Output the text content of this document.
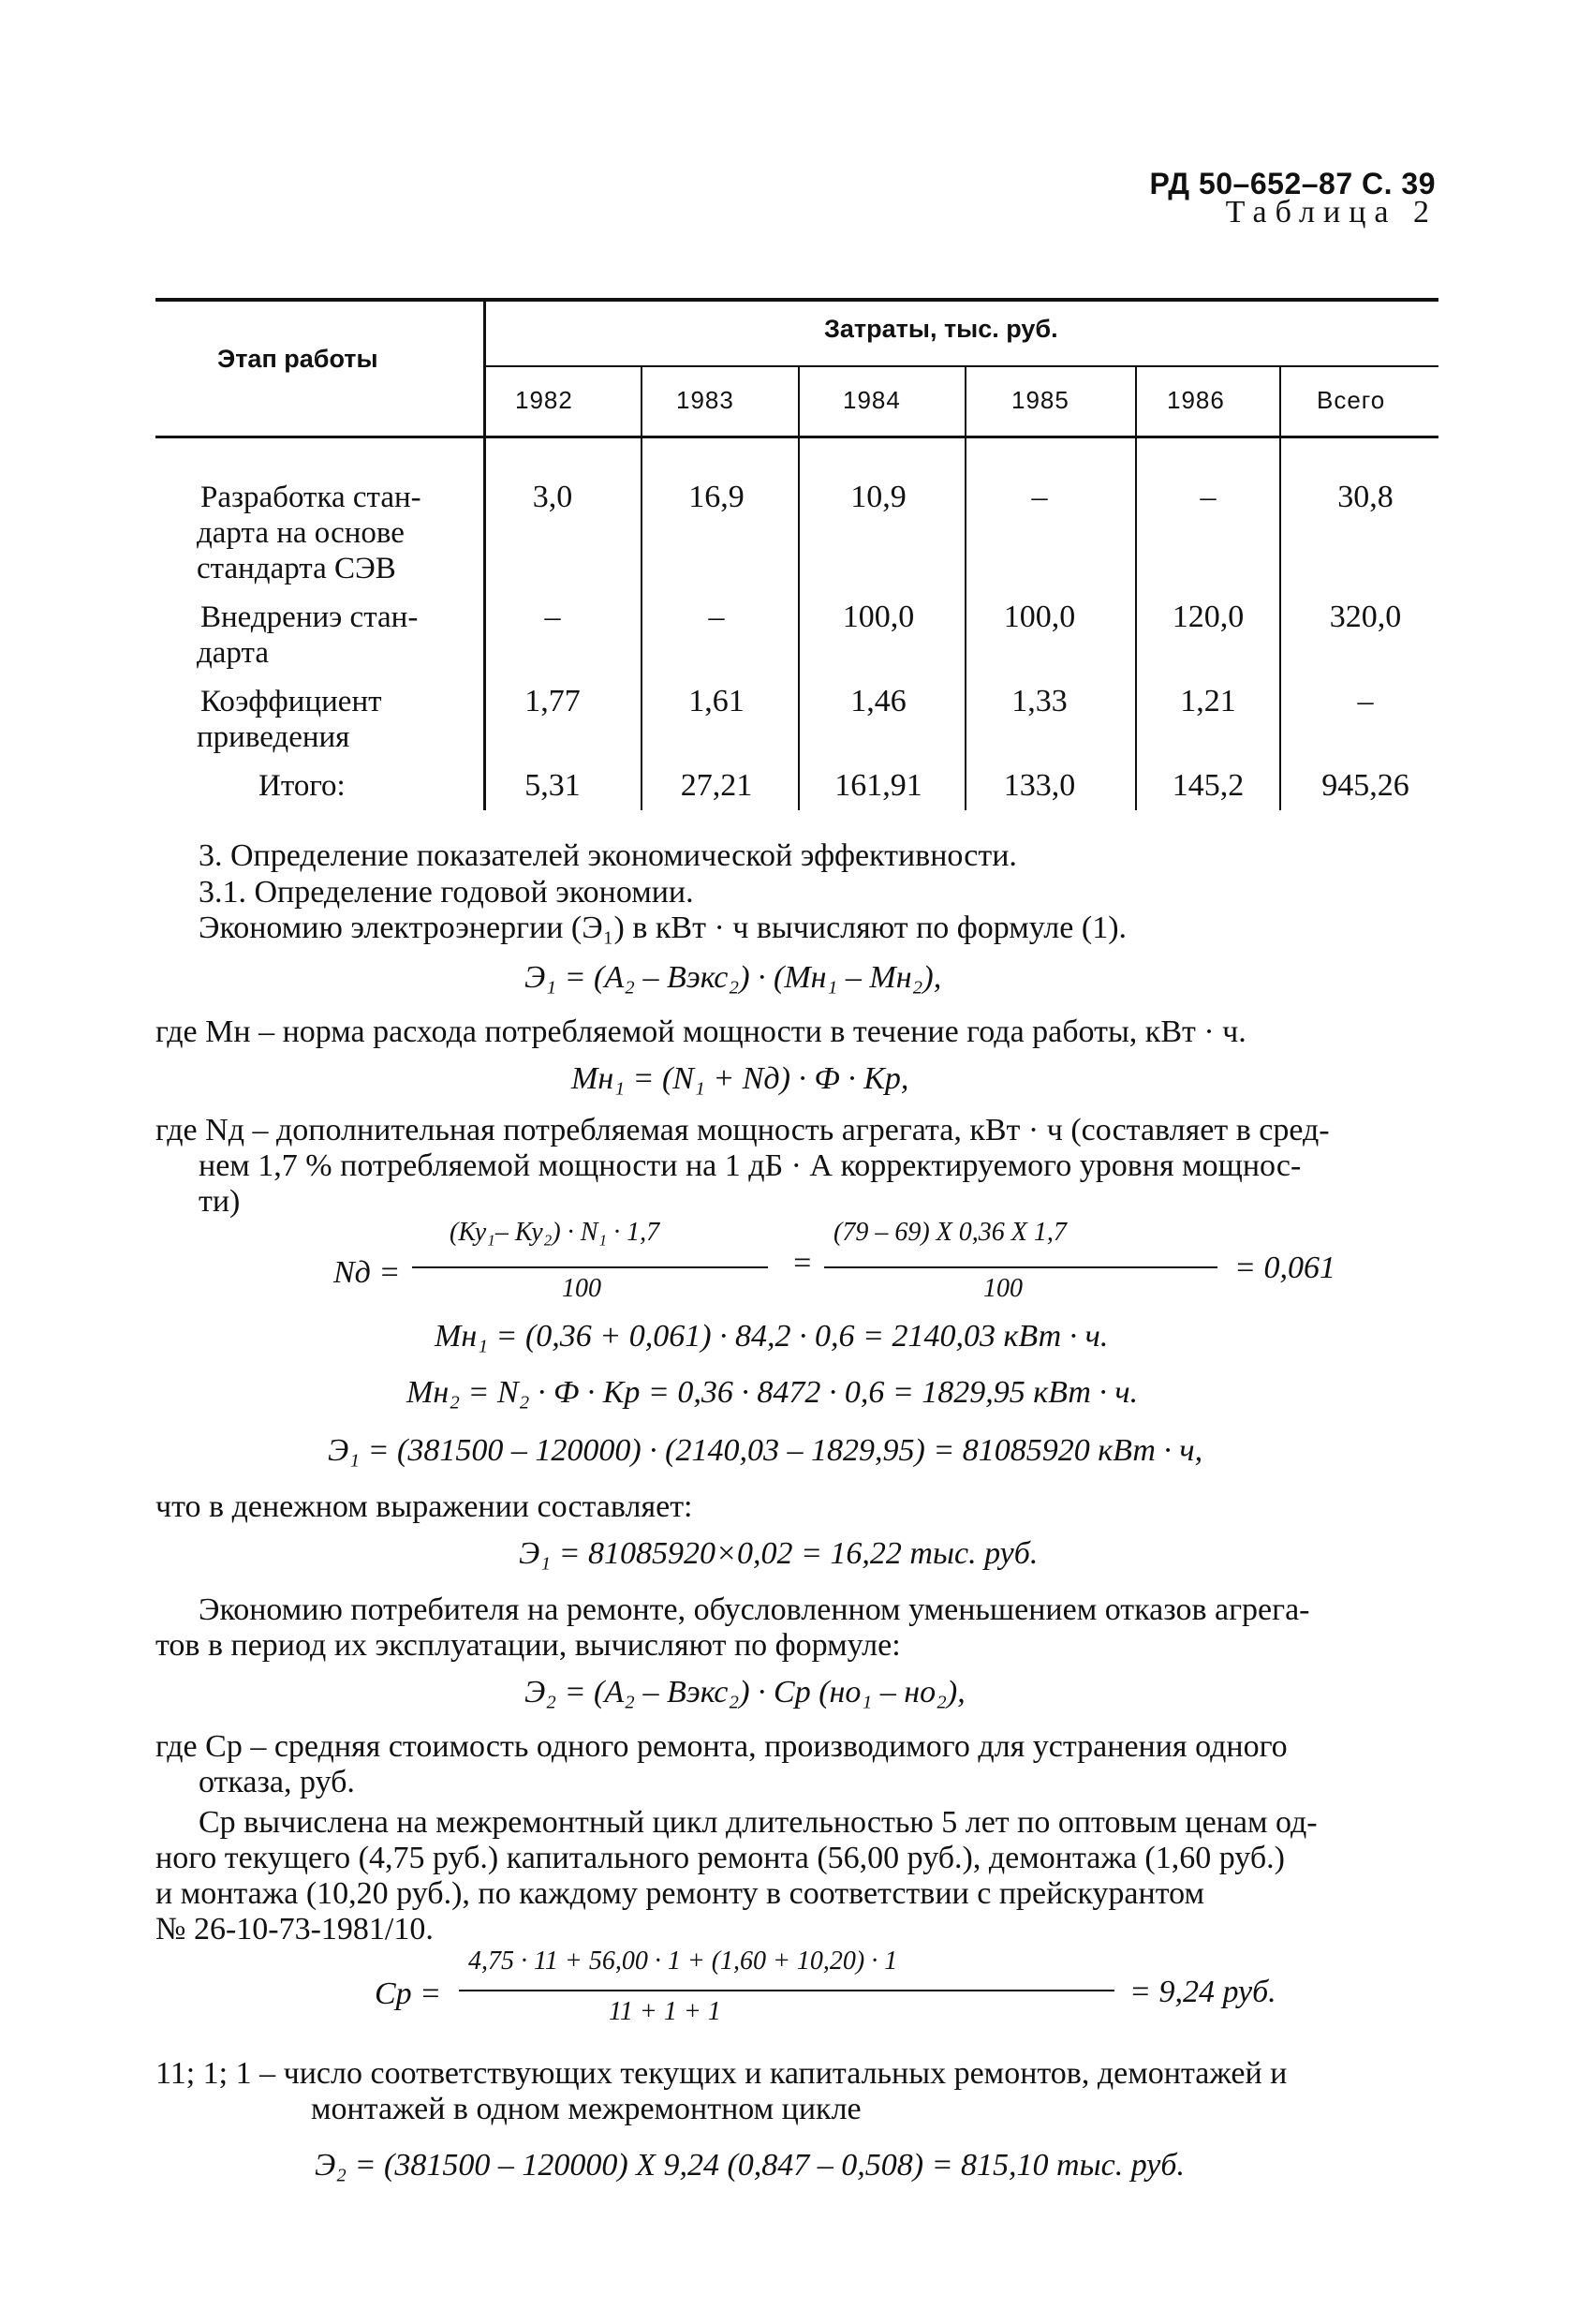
РД 50–652–87 С. 39
Таблица 2
Этап работы
Затраты, тыс. руб.
1982	1983	1984	1985	1986	Всего
Разработка стан-
дарта на основе
стандарта СЭВ
3,0	16,9	10,9	–	–	30,8
Внедрениэ стан-
дарта
–	–	100,0	100,0	120,0	320,0
Коэффициент
приведения
1,77	1,61	1,46	1,33	1,21	–
Итого:	5,31	27,21	161,91	133,0	145,2	945,26
3. Определение показателей экономической эффективности.
3.1. Определение годовой экономии.
Экономию электроэнергии (Э₁) в кВт · ч вычисляют по формуле (1).
Э₁ = (А₂ – Вэкс₂) · (Мн₁ – Мн₂),
где Мн – норма расхода потребляемой мощности в течение года работы, кВт · ч.
Мн₁ = (N₁ + Nд) · Ф · Кр,
где Nд – дополнительная потребляемая мощность агрегата, кВт · ч (составляет в сред-
нем 1,7 % потребляемой мощности на 1 дБ · А корректируемого уровня мощнос-
ти)
Nд =
(Ку₁– Ку₂) · N₁ · 1,7
100
=
(79 – 69) X 0,36 X 1,7
100
= 0,061
Мн₁ = (0,36 + 0,061) · 84,2 · 0,6 = 2140,03 кВт · ч.
Мн₂ = N₂ · Ф · Кр = 0,36 · 8472 · 0,6 = 1829,95 кВт · ч.
Э₁ = (381500 – 120000) · (2140,03 – 1829,95) = 81085920 кВт · ч,
что в денежном выражении составляет:
Э₁ = 81085920×0,02 = 16,22 тыс. руб.
Экономию потребителя на ремонте, обусловленном уменьшением отказов агрега-
тов в период их эксплуатации, вычисляют по формуле:
Э₂ = (А₂ – Вэкс₂) · Ср (но₁ – но₂),
где Ср – средняя стоимость одного ремонта, производимого для устранения одного
отказа, руб.
Ср вычислена на межремонтный цикл длительностью 5 лет по оптовым ценам од-
ного текущего (4,75 руб.) капитального ремонта (56,00 руб.), демонтажа (1,60 руб.)
и монтажа (10,20 руб.), по каждому ремонту в соответствии с прейскурантом
№ 26-10-73-1981/10.
Ср =
4,75 · 11 + 56,00 · 1 + (1,60 + 10,20) · 1
11 + 1 + 1
= 9,24 руб.
11; 1; 1 – число соответствующих текущих и капитальных ремонтов, демонтажей и
монтажей в одном межремонтном цикле
Э₂ = (381500 – 120000) X 9,24 (0,847 – 0,508) = 815,10 тыс. руб.
